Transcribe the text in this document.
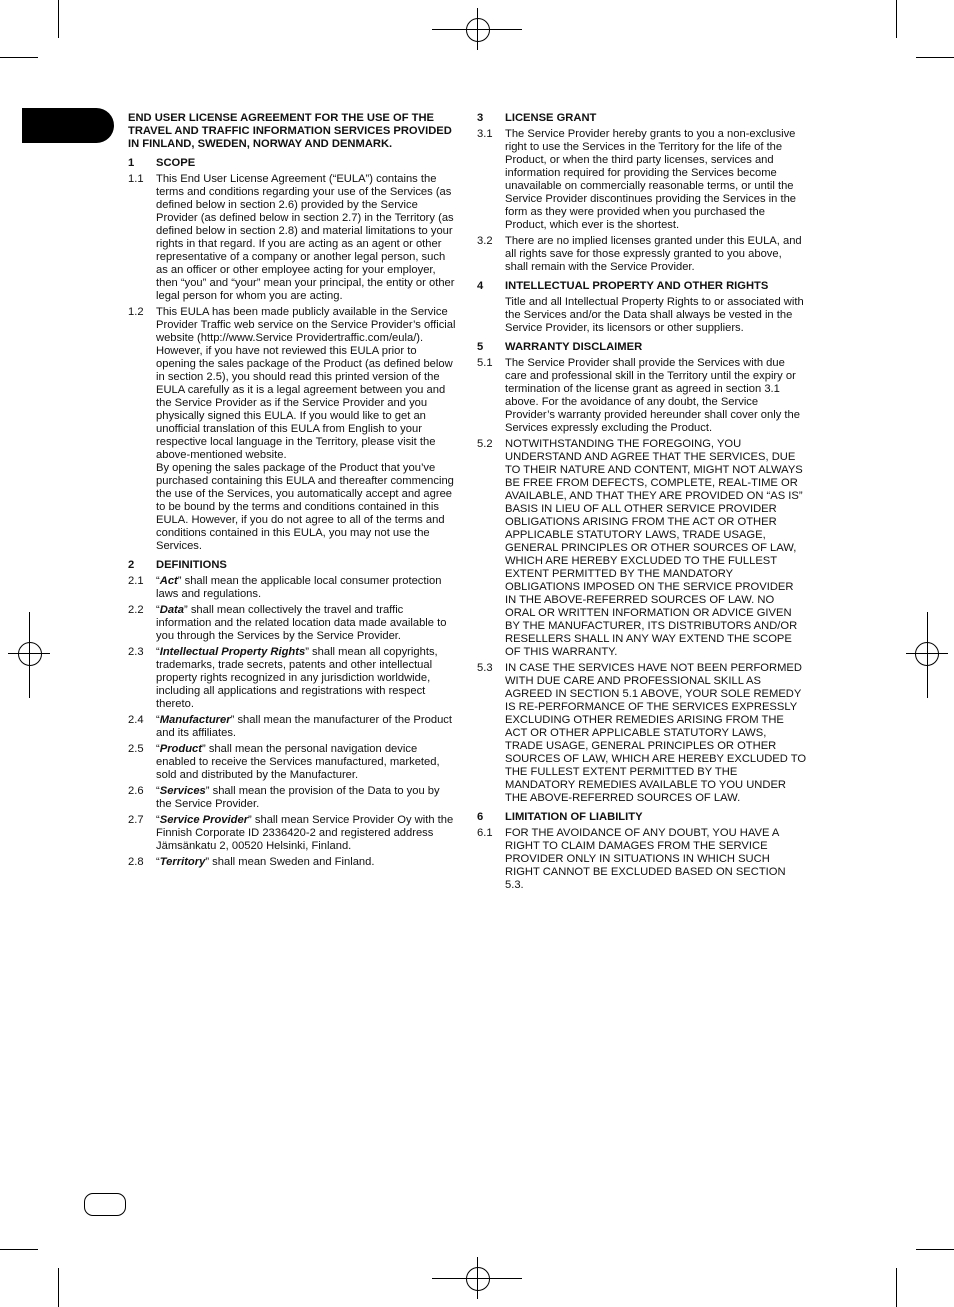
END USER LICENSE AGREEMENT FOR THE USE OF THE TRAVEL AND TRAFFIC INFORMATION SERVICES PROVIDED IN FINLAND, SWEDEN, NORWAY AND DENMARK.
1	SCOPE
1.1	This End User License Agreement (“EULA”) contains the terms and conditions regarding your use of the Services (as defined below in section 2.6) provided by the Service Provider (as defined below in section 2.7) in the Territory (as defined below in section 2.8) and material limitations to your rights in that regard. If you are acting as an agent or other representative of a company or another legal person, such as an officer or other employee acting for your employer, then “you” and “your” mean your principal, the entity or other legal person for whom you are acting.
1.2	This EULA has been made publicly available in the Service Provider Traffic web service on the Service Provider’s official website (http://www.Service Providertraffic.com/eula/). However, if you have not reviewed this EULA prior to opening the sales package of the Product (as defined below in section 2.5), you should read this printed version of the EULA carefully as it is a legal agreement between you and the Service Provider as if the Service Provider and you physically signed this EULA. If you would like to get an unofficial translation of this EULA from English to your respective local language in the Territory, please visit the above-mentioned website.
By opening the sales package of the Product that you’ve purchased containing this EULA and thereafter commencing the use of the Services, you automatically accept and agree to be bound by the terms and conditions contained in this EULA. However, if you do not agree to all of the terms and conditions contained in this EULA, you may not use the Services.
2	DEFINITIONS
2.1	“Act” shall mean the applicable local consumer protection laws and regulations.
2.2	“Data” shall mean collectively the travel and traffic information and the related location data made available to you through the Services by the Service Provider.
2.3	“Intellectual Property Rights” shall mean all copyrights, trademarks, trade secrets, patents and other intellectual property rights recognized in any jurisdiction worldwide, including all applications and registrations with respect thereto.
2.4	“Manufacturer” shall mean the manufacturer of the Product and its affiliates.
2.5	“Product” shall mean the personal navigation device enabled to receive the Services manufactured, marketed, sold and distributed by the Manufacturer.
2.6	“Services” shall mean the provision of the Data to you by the Service Provider.
2.7	“Service Provider” shall mean Service Provider Oy with the Finnish Corporate ID 2336420-2 and registered address Jämsänkatu 2, 00520 Helsinki, Finland.
2.8	“Territory” shall mean Sweden and Finland.
3	LICENSE GRANT
3.1	The Service Provider hereby grants to you a non-exclusive right to use the Services in the Territory for the life of the Product, or when the third party licenses, services and information required for providing the Services become unavailable on commercially reasonable terms, or until the Service Provider discontinues providing the Services in the form as they were provided when you purchased the Product, which ever is the shortest.
3.2	There are no implied licenses granted under this EULA, and all rights save for those expressly granted to you above, shall remain with the Service Provider.
4	INTELLECTUAL PROPERTY AND OTHER RIGHTS
Title and all Intellectual Property Rights to or associated with the Services and/or the Data shall always be vested in the Service Provider, its licensors or other suppliers.
5	WARRANTY DISCLAIMER
5.1	The Service Provider shall provide the Services with due care and professional skill in the Territory until the expiry or termination of the license grant as agreed in section 3.1 above. For the avoidance of any doubt, the Service Provider’s warranty provided hereunder shall cover only the Services expressly excluding the Product.
5.2	NOTWITHSTANDING THE FOREGOING, YOU UNDERSTAND AND AGREE THAT THE SERVICES, DUE TO THEIR NATURE AND CONTENT, MIGHT NOT ALWAYS BE FREE FROM DEFECTS, COMPLETE, REAL-TIME OR AVAILABLE, AND THAT THEY ARE PROVIDED ON “AS IS” BASIS IN LIEU OF ALL OTHER SERVICE PROVIDER OBLIGATIONS ARISING FROM THE ACT OR OTHER APPLICABLE STATUTORY LAWS, TRADE USAGE, GENERAL PRINCIPLES OR OTHER SOURCES OF LAW, WHICH ARE HEREBY EXCLUDED TO THE FULLEST EXTENT PERMITTED BY THE MANDATORY OBLIGATIONS IMPOSED ON THE SERVICE PROVIDER IN THE ABOVE-REFERRED SOURCES OF LAW. NO ORAL OR WRITTEN INFORMATION OR ADVICE GIVEN BY THE MANUFACTURER, ITS DISTRIBUTORS AND/OR RESELLERS SHALL IN ANY WAY EXTEND THE SCOPE OF THIS WARRANTY.
5.3	IN CASE THE SERVICES HAVE NOT BEEN PERFORMED WITH DUE CARE AND PROFESSIONAL SKILL AS AGREED IN SECTION 5.1 ABOVE, YOUR SOLE REMEDY IS RE-PERFORMANCE OF THE SERVICES EXPRESSLY EXCLUDING OTHER REMEDIES ARISING FROM THE ACT OR OTHER APPLICABLE STATUTORY LAWS, TRADE USAGE, GENERAL PRINCIPLES OR OTHER SOURCES OF LAW, WHICH ARE HEREBY EXCLUDED TO THE FULLEST EXTENT PERMITTED BY THE MANDATORY REMEDIES AVAILABLE TO YOU UNDER THE ABOVE-REFERRED SOURCES OF LAW.
6	LIMITATION OF LIABILITY
6.1	FOR THE AVOIDANCE OF ANY DOUBT, YOU HAVE A RIGHT TO CLAIM DAMAGES FROM THE SERVICE PROVIDER ONLY IN SITUATIONS IN WHICH SUCH RIGHT CANNOT BE EXCLUDED BASED ON SECTION 5.3.
